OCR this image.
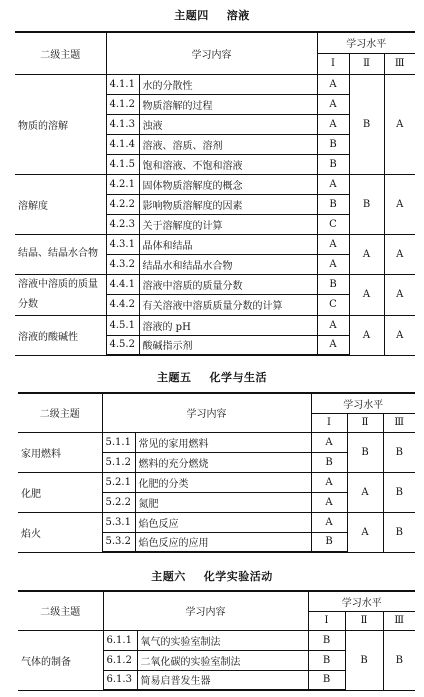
主题四 溶液
二级主题	学习内容		学习水平		
			Ⅰ	Ⅱ	Ⅲ
物质的溶解	4.1.1	水的分散性	A	B	A
	4.1.2	物质溶解的过程	A		
	4.1.3	浊液	A		
	4.1.4	溶液、溶质、溶剂	B		
	4.1.5	饱和溶液、不饱和溶液	B		
溶解度	4.2.1	固体物质溶解度的概念	A	B	A
	4.2.2	影响物质溶解度的因素	B		
	4.2.3	关于溶解度的计算	C		
结晶、结晶水合物	4.3.1	晶体和结晶	A	A	A
	4.3.2	结晶水和结晶水合物	A		
溶液中溶质的质量分数	4.4.1	溶液中溶质的质量分数	B	A	A
	4.4.2	有关溶液中溶质质量分数的计算	C		
溶液的酸碱性	4.5.1	溶液的 pH	A	A	A
	4.5.2	酸碱指示剂	A		
主题五 化学与生活
二级主题	学习内容		学习水平		
			Ⅰ	Ⅱ	Ⅲ
家用燃料	5.1.1	常见的家用燃料	A	B	B
	5.1.2	燃料的充分燃烧	B		
化肥	5.2.1	化肥的分类	A	A	B
	5.2.2	氮肥	A		
焰火	5.3.1	焰色反应	A	A	B
	5.3.2	焰色反应的应用	B		
主题六 化学实验活动
二级主题	学习内容		学习水平		
			Ⅰ	Ⅱ	Ⅲ
气体的制备	6.1.1	氧气的实验室制法	B	B	B
	6.1.2	二氧化碳的实验室制法	B		
	6.1.3	简易启普发生器	B		
